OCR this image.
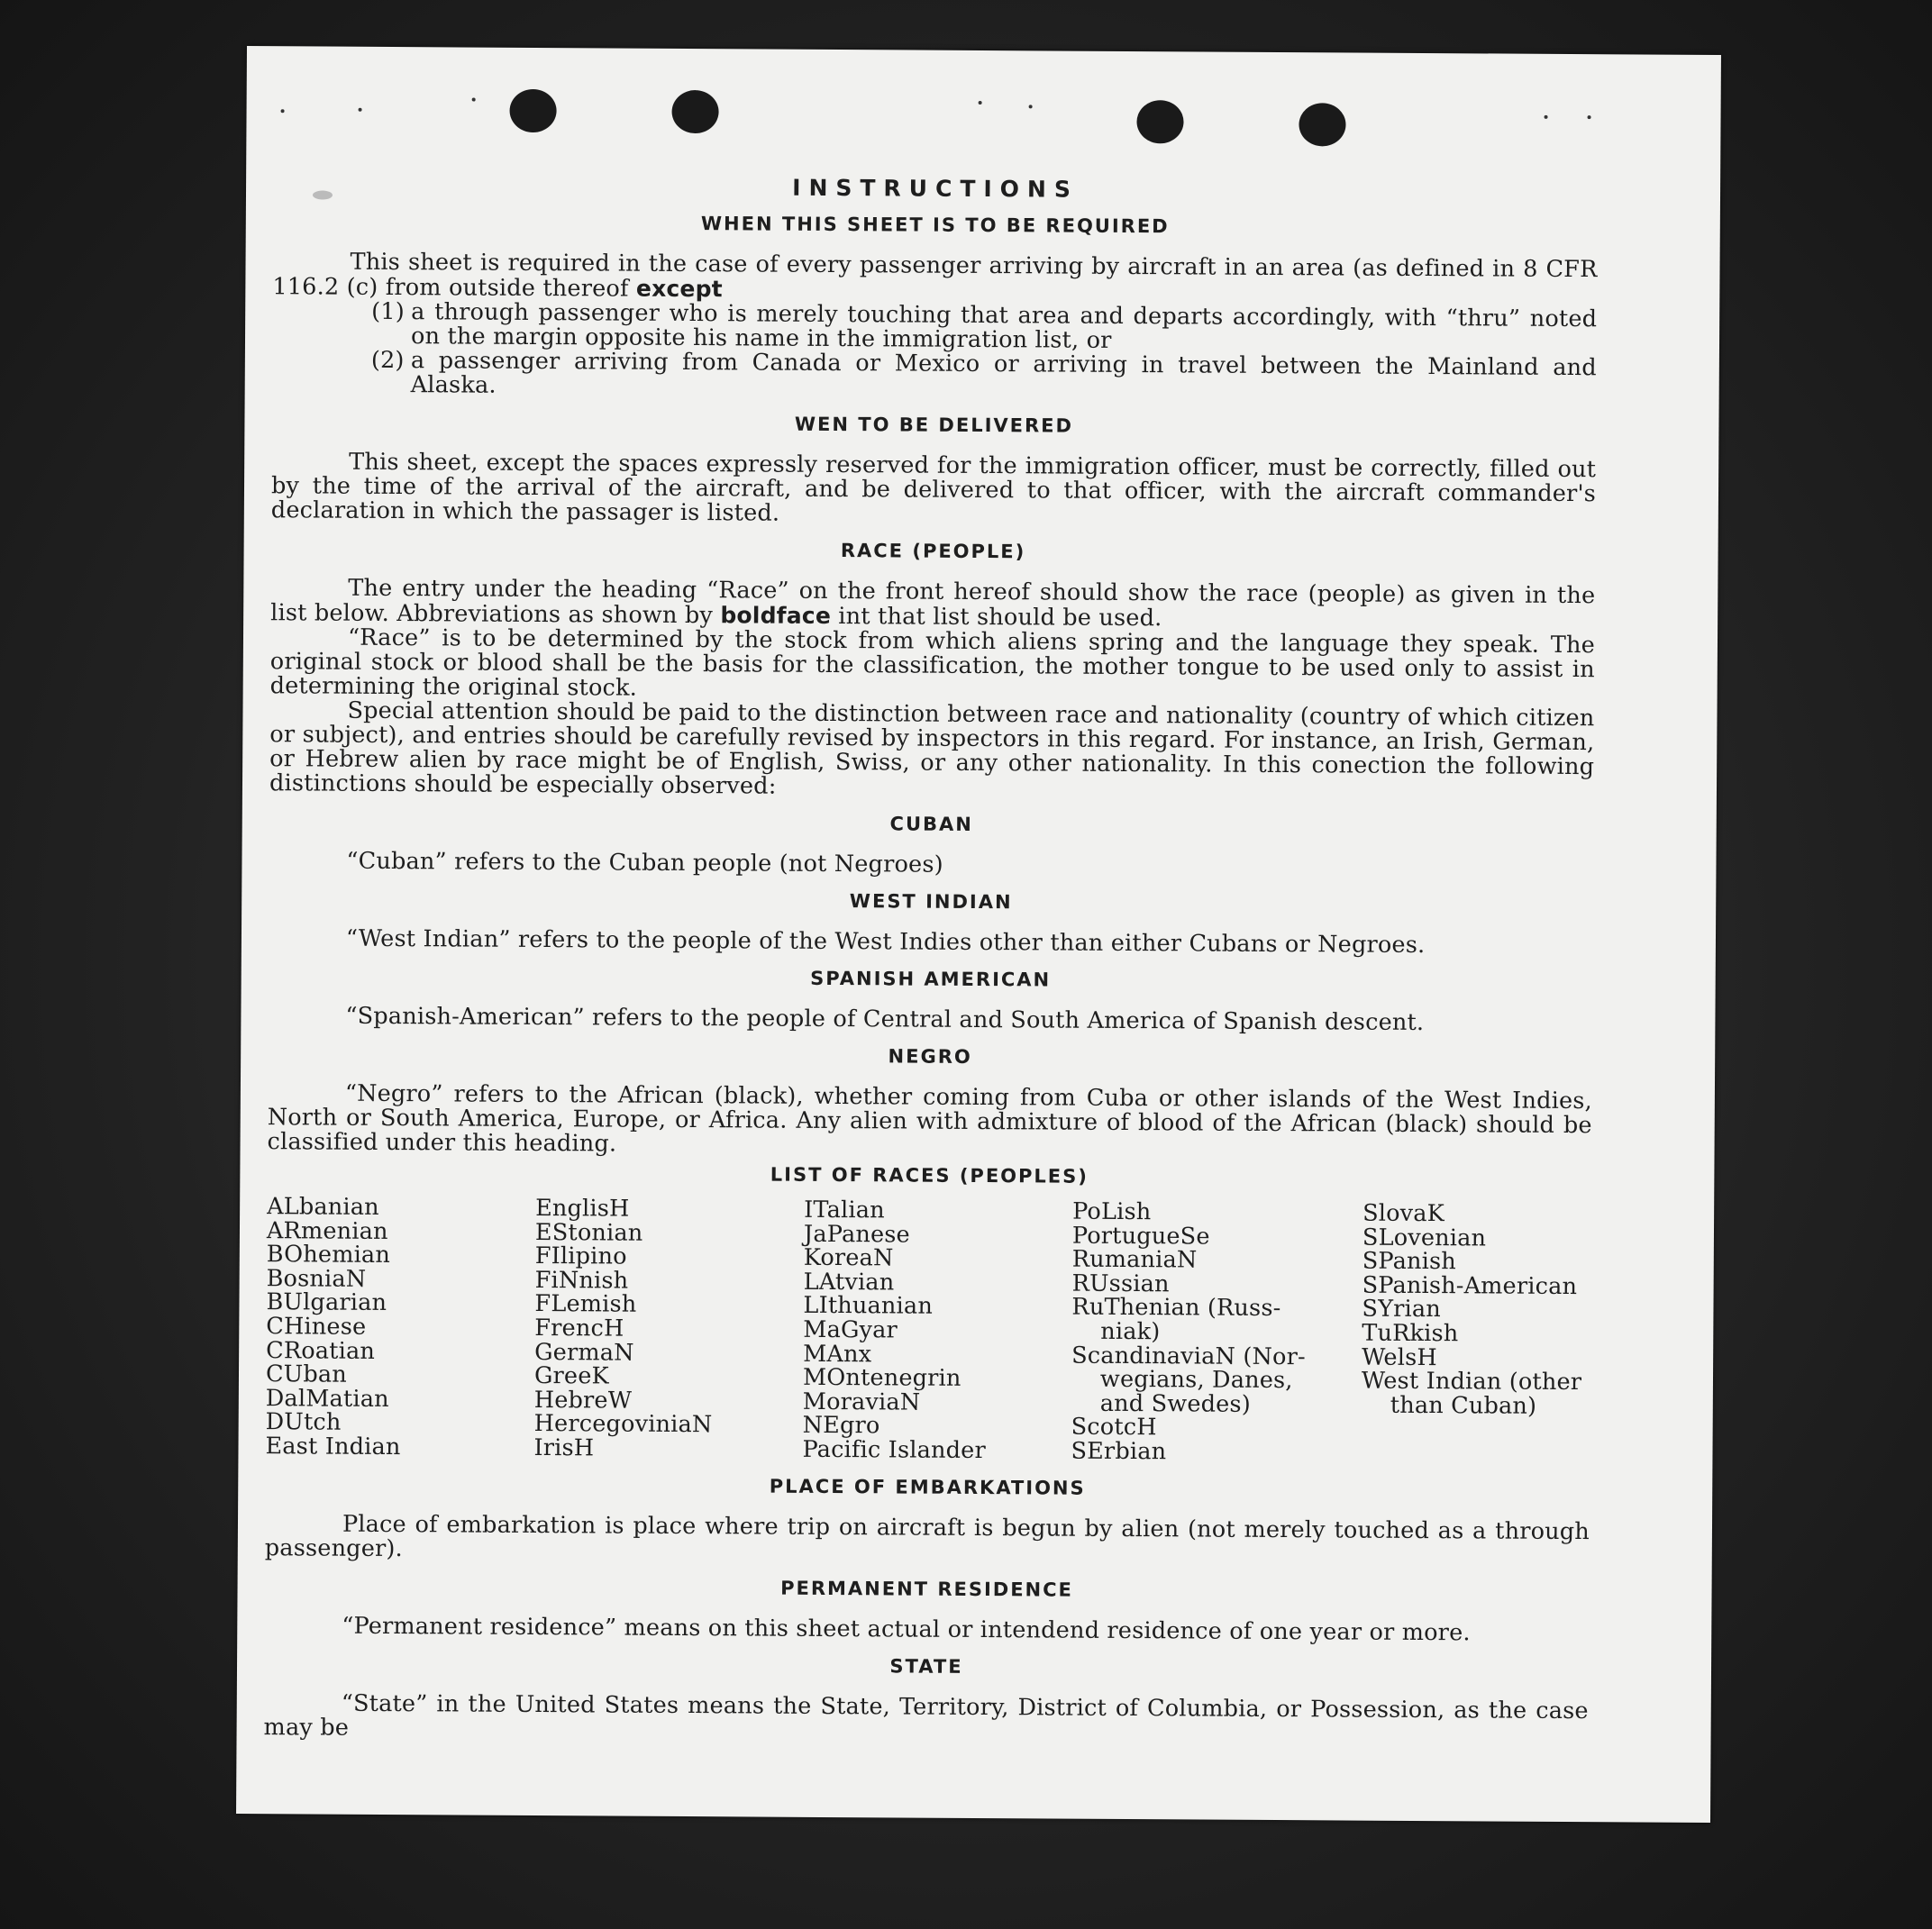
INSTRUCTIONS
WHEN THIS SHEET IS TO BE REQUIRED

This sheet is required in the case of every passenger arriving by aircraft in an area (as defined in 8 CFR 116.2 (c) from outside thereof except

(1) a through passenger who is merely touching that area and departs accordingly, with “thru” noted on the margin opposite his name in the immigration list, or
(2) a passenger arriving from Canada or Mexico or arriving in travel between the Mainland and Alaska.
WEN TO BE DELIVERED

This sheet, except the spaces expressly reserved for the immigration officer, must be correctly, filled out by the time of the arrival of the aircraft, and be delivered to that officer, with the aircraft commander's declaration in which the passager is listed.

RACE (PEOPLE)

The entry under the heading “Race” on the front hereof should show the race (people) as given in the list below. Abbreviations as shown by boldface int that list should be used.

“Race” is to be determined by the stock from which aliens spring and the language they speak. The original stock or blood shall be the basis for the classification, the mother tongue to be used only to assist in determining the original stock.

Special attention should be paid to the distinction between race and nationality (country of which citizen or subject), and entries should be carefully revised by inspectors in this regard. For instance, an Irish, German, or Hebrew alien by race might be of English, Swiss, or any other nationality. In this conection the following distinctions should be especially observed:

CUBAN

“Cuban” refers to the Cuban people (not Negroes)

WEST INDIAN

“West Indian” refers to the people of the West Indies other than either Cubans or Negroes.

SPANISH AMERICAN

“Spanish-American” refers to the people of Central and South America of Spanish descent.

NEGRO

“Negro” refers to the African (black), whether coming from Cuba or other islands of the West Indies, North or South America, Europe, or Africa. Any alien with admixture of blood of the African (black) should be classified under this heading.

LIST OF RACES (PEOPLES)
ALbanian
ARmenian
BOhemian
BosniaN
BUlgarian
CHinese
CRoatian
CUban
DalMatian
DUtch
East Indian
EnglisH
EStonian
FIlipino
FiNnish
FLemish
FrencH
GermaN
GreeK
HebreW
HercegoviniaN
IrisH
ITalian
JaPanese
KoreaN
LAtvian
LIthuanian
MaGyar
MAnx
MOntenegrin
MoraviaN
NEgro
Pacific Islander
PoLish
PortugueSe
RumaniaN
RUssian
RuThenian (Russ-
niak)
ScandinaviaN (Nor-
wegians, Danes,
and Swedes)
ScotcH
SErbian
SlovaK
SLovenian
SPanish
SPanish-American
SYrian
TuRkish
WelsH
West Indian (other
than Cuban)
PLACE OF EMBARKATIONS

Place of embarkation is place where trip on aircraft is begun by alien (not merely touched as a through passenger).

PERMANENT RESIDENCE

“Permanent residence” means on this sheet actual or intendend residence of one year or more.

STATE

“State” in the United States means the State, Territory, District of Columbia, or Possession, as the case may be
